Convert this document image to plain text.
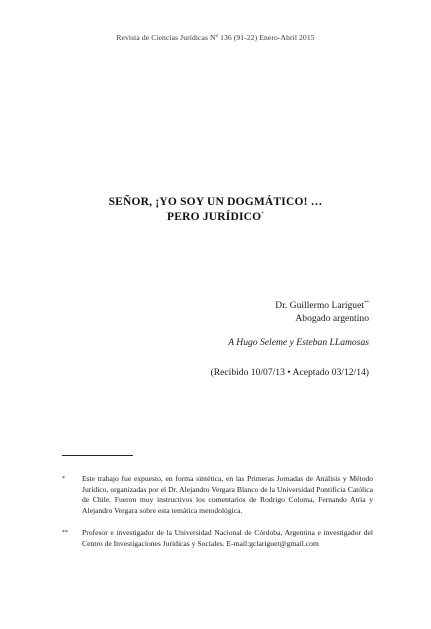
Revista de Ciencias Jurídicas Nº 136 (91-22) Enero-Abril 2015
SEÑOR, ¡YO SOY UN DOGMÁTICO! …
PERO JURÍDICO*
Dr. Guillermo Lariguet**
Abogado argentino
A Hugo Seleme y Esteban LLamosas
(Recibido 10/07/13 • Aceptado 03/12/14)
* Este trabajo fue expuesto, en forma sintética, en las Primeras Jornadas de Análisis y Método Jurídico, organizadas por el Dr. Alejandro Vergara Blanco de la Universidad Pontificia Católica de Chile. Fueron muy instructivos los comentarios de Rodrigo Coloma, Fernando Atria y Alejandro Vergara sobre esta temática metodológica.
** Profesor e investigador de la Universidad Nacional de Córdoba, Argentina e investigador del Centro de Investigaciones Jurídicas y Sociales. E-mail:gclariguet@gmail.com
